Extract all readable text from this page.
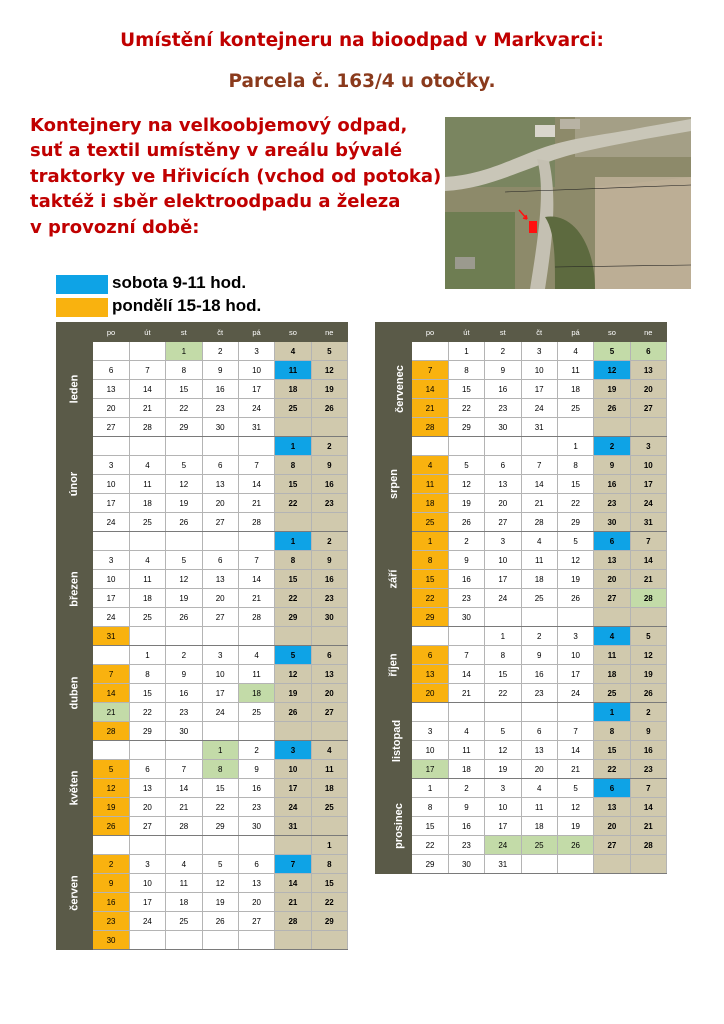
Umístění kontejneru na bioodpad v Markvarci:
Parcela č. 163/4 u otočky.
Kontejnery na velkoobjemový odpad,
suť a textil umístěny v areálu bývalé
traktorky ve Hřivicích (vchod od potoka)
taktéž i sběr elektroodpadu a železa
v provozní době:
sobota 9-11 hod.
pondělí 15-18 hod.
	po	út	st	čt	pá	so	ne
leden			1	2	3	4	5
	6	7	8	9	10	11	12
	13	14	15	16	17	18	19
	20	21	22	23	24	25	26
	27	28	29	30	31		
únor						1	2
	3	4	5	6	7	8	9
	10	11	12	13	14	15	16
	17	18	19	20	21	22	23
	24	25	26	27	28		
březen						1	2
	3	4	5	6	7	8	9
	10	11	12	13	14	15	16
	17	18	19	20	21	22	23
	24	25	26	27	28	29	30
	31						
duben		1	2	3	4	5	6
	7	8	9	10	11	12	13
	14	15	16	17	18	19	20
	21	22	23	24	25	26	27
	28	29	30				
květen				1	2	3	4
	5	6	7	8	9	10	11
	12	13	14	15	16	17	18
	19	20	21	22	23	24	25
	26	27	28	29	30	31	
červen							1
	2	3	4	5	6	7	8
	9	10	11	12	13	14	15
	16	17	18	19	20	21	22
	23	24	25	26	27	28	29
	30						
	po	út	st	čt	pá	so	ne
červenec		1	2	3	4	5	6
	7	8	9	10	11	12	13
	14	15	16	17	18	19	20
	21	22	23	24	25	26	27
	28	29	30	31			
srpen					1	2	3
	4	5	6	7	8	9	10
	11	12	13	14	15	16	17
	18	19	20	21	22	23	24
	25	26	27	28	29	30	31
září	1	2	3	4	5	6	7
	8	9	10	11	12	13	14
	15	16	17	18	19	20	21
	22	23	24	25	26	27	28
	29	30					
říjen			1	2	3	4	5
	6	7	8	9	10	11	12
	13	14	15	16	17	18	19
	20	21	22	23	24	25	26
listopad						1	2
	3	4	5	6	7	8	9
	10	11	12	13	14	15	16
	17	18	19	20	21	22	23
prosinec	1	2	3	4	5	6	7
	8	9	10	11	12	13	14
	15	16	17	18	19	20	21
	22	23	24	25	26	27	28
	29	30	31				
